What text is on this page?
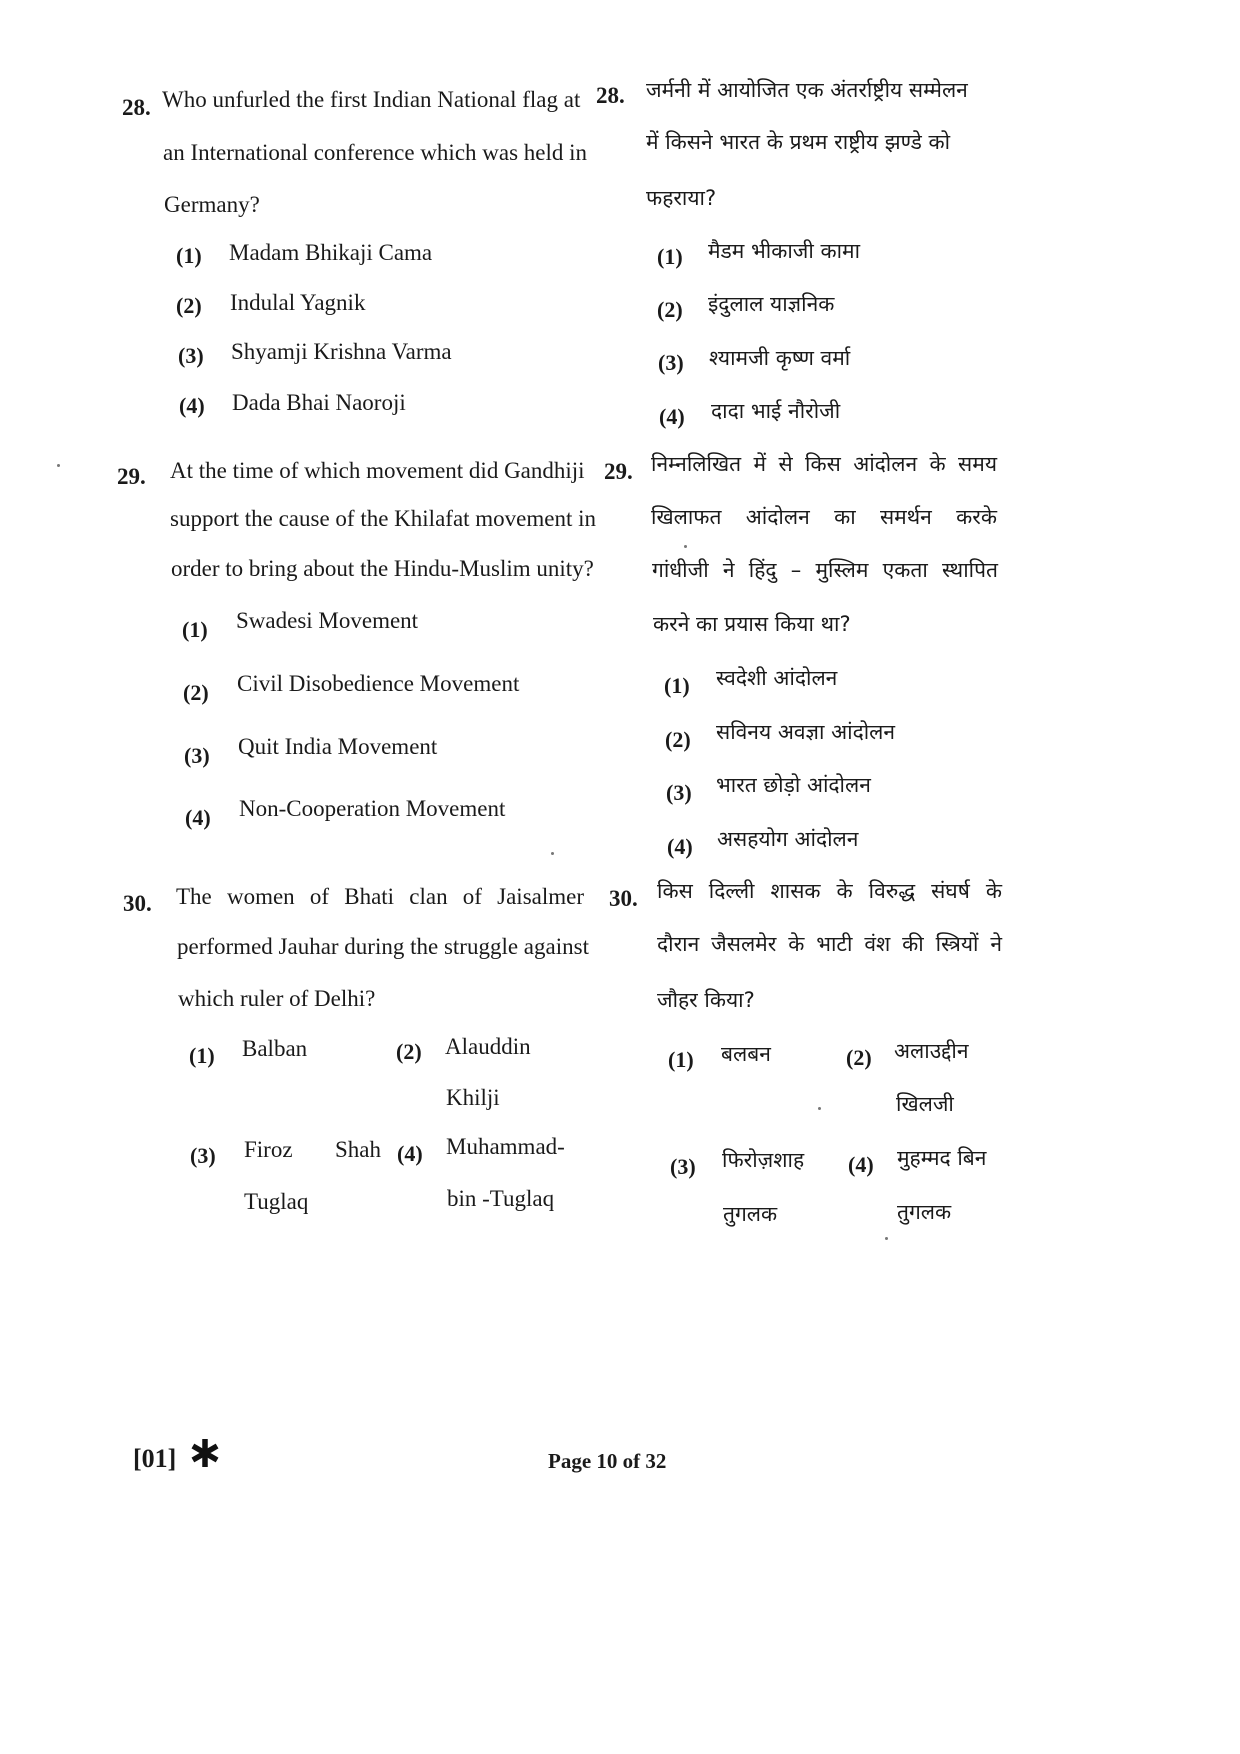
28. Who unfurled the first Indian National flag at
an International conference which was held in
Germany?
(1) Madam Bhikaji Cama
(2) Indulal Yagnik
(3) Shyamji Krishna Varma
(4) Dada Bhai Naoroji
28. जर्मनी में आयोजित एक अंतर्राष्ट्रीय सम्मेलन
में किसने भारत के प्रथम राष्ट्रीय झण्डे को
फहराया?
(1) मैडम भीकाजी कामा
(2) इंदुलाल याज्ञनिक
(3) श्यामजी कृष्ण वर्मा
(4) दादा भाई नौरोजी
29. At the time of which movement did Gandhiji
support the cause of the Khilafat movement in
order to bring about the Hindu-Muslim unity?
(1) Swadesi Movement
(2) Civil Disobedience Movement
(3) Quit India Movement
(4) Non-Cooperation Movement
29. निम्नलिखित में से किस आंदोलन के समय
खिलाफत आंदोलन का समर्थन करके
गांधीजी ने हिंदु – मुस्लिम एकता स्थापित
करने का प्रयास किया था?
(1) स्वदेशी आंदोलन
(2) सविनय अवज्ञा आंदोलन
(3) भारत छोड़ो आंदोलन
(4) असहयोग आंदोलन
30. The women of Bhati clan of Jaisalmer
performed Jauhar during the struggle against
which ruler of Delhi?
(1) Balban	(2) Alauddin
Khilji
(3) Firoz Shah
Tuglaq
(4) Muhammad-
bin -Tuglaq
30. किस दिल्ली शासक के विरुद्ध संघर्ष के
दौरान जैसलमेर के भाटी वंश की स्त्रियों ने
जौहर किया?
(1) बलबन	(2) अलाउद्दीन
खिलजी
(3) फिरोज़शाह
तुगलक
(4) मुहम्मद बिन
तुगलक
[01]	Page 10 of 32
